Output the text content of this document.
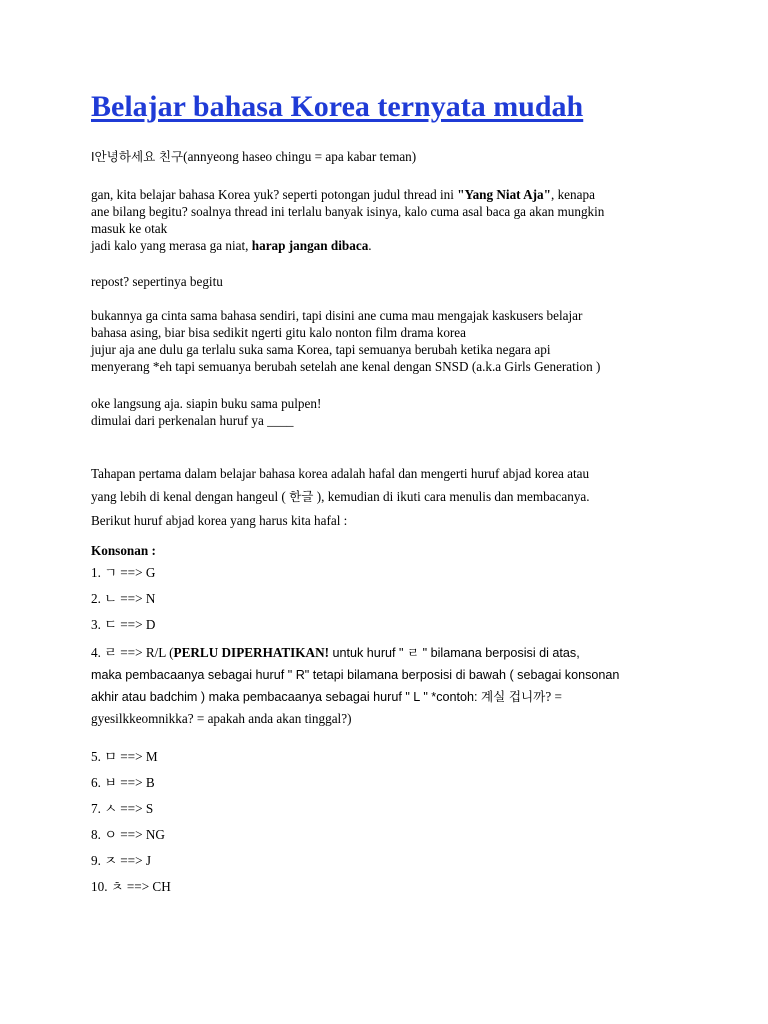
Belajar bahasa Korea ternyata mudah

I안녕하세요 친구(annyeong haseo chingu = apa kabar teman)

gan, kita belajar bahasa Korea yuk? seperti potongan judul thread ini "Yang Niat Aja", kenapa

ane bilang begitu? soalnya thread ini terlalu banyak isinya, kalo cuma asal baca ga akan mungkin

masuk ke otak

jadi kalo yang merasa ga niat, harap jangan dibaca.

repost? sepertinya begitu

bukannya ga cinta sama bahasa sendiri, tapi disini ane cuma mau mengajak kaskusers belajar

bahasa asing, biar bisa sedikit ngerti gitu kalo nonton film drama korea

jujur aja ane dulu ga terlalu suka sama Korea, tapi semuanya berubah ketika negara api

menyerang *eh tapi semuanya berubah setelah ane kenal dengan SNSD (a.k.a Girls Generation )

oke langsung aja. siapin buku sama pulpen!

dimulai dari perkenalan huruf ya ____

Tahapan pertama dalam belajar bahasa korea adalah hafal dan mengerti huruf abjad korea atau

yang lebih di kenal dengan hangeul ( 한글 ), kemudian di ikuti cara menulis dan membacanya.

Berikut huruf abjad korea yang harus kita hafal :

Konsonan :
1. ㄱ ==> G
2. ㄴ ==> N
3. ㄷ ==> D

4. ㄹ ==> R/L (PERLU DIPERHATIKAN! untuk huruf " ㄹ " bilamana berposisi di atas,

maka pembacaanya sebagai huruf " R" tetapi bilamana berposisi di bawah ( sebagai konsonan

akhir atau badchim ) maka pembacaanya sebagai huruf " L " *contoh: 계실 겁니까? =

gyesilkkeomnikka? = apakah anda akan tinggal?)

5. ㅁ ==> M
6. ㅂ ==> B
7. ㅅ ==> S
8. ㅇ ==> NG
9. ㅈ ==> J
10. ㅊ ==> CH
